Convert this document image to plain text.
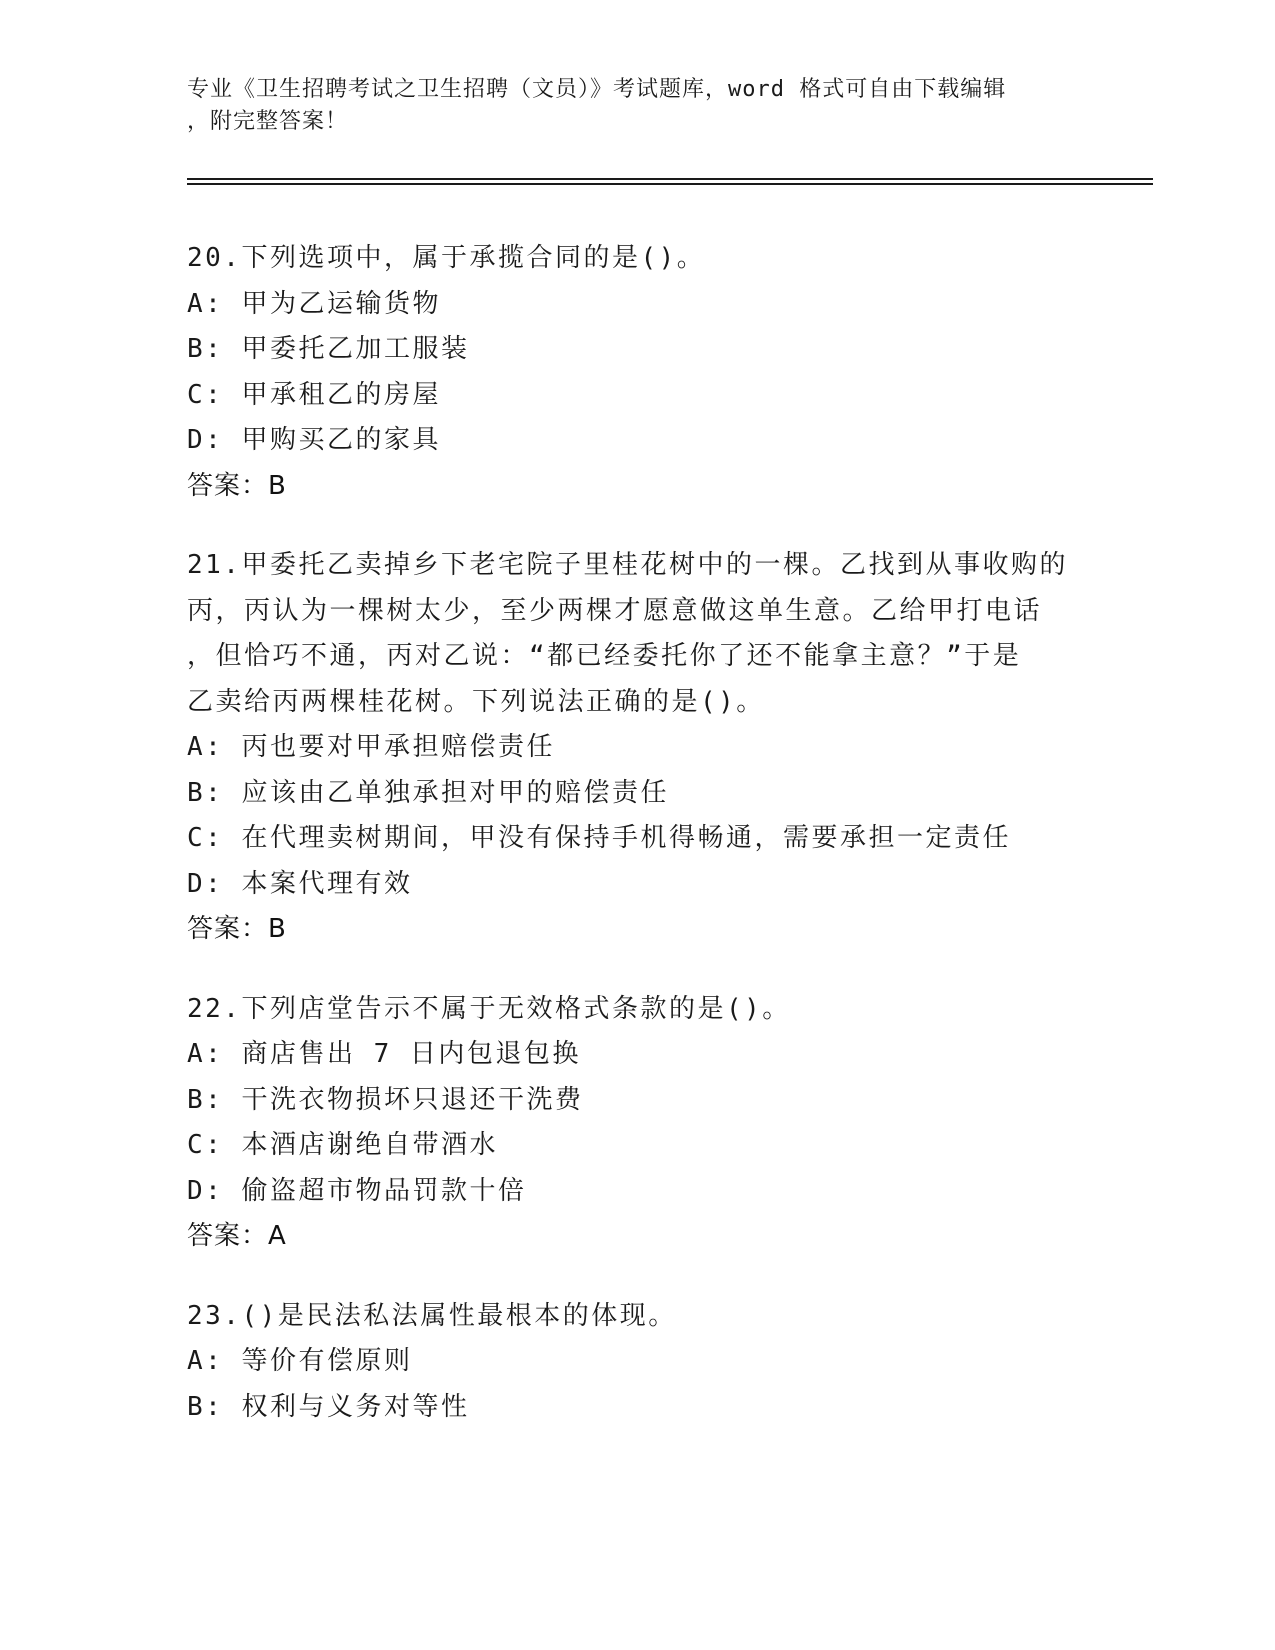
专业《卫生招聘考试之卫生招聘（文员）》考试题库，word 格式可自由下载编辑
，附完整答案！
20.下列选项中，属于承揽合同的是()。
A: 甲为乙运输货物
B: 甲委托乙加工服装
C: 甲承租乙的房屋
D: 甲购买乙的家具
答案：B
21.甲委托乙卖掉乡下老宅院子里桂花树中的一棵。乙找到从事收购的
丙，丙认为一棵树太少，至少两棵才愿意做这单生意。乙给甲打电话
，但恰巧不通，丙对乙说：“都已经委托你了还不能拿主意？”于是
乙卖给丙两棵桂花树。下列说法正确的是()。
A: 丙也要对甲承担赔偿责任
B: 应该由乙单独承担对甲的赔偿责任
C: 在代理卖树期间，甲没有保持手机得畅通，需要承担一定责任
D: 本案代理有效
答案：B
22.下列店堂告示不属于无效格式条款的是()。
A: 商店售出 7 日内包退包换
B: 干洗衣物损坏只退还干洗费
C: 本酒店谢绝自带酒水
D: 偷盗超市物品罚款十倍
答案：A
23.()是民法私法属性最根本的体现。
A: 等价有偿原则
B: 权利与义务对等性
